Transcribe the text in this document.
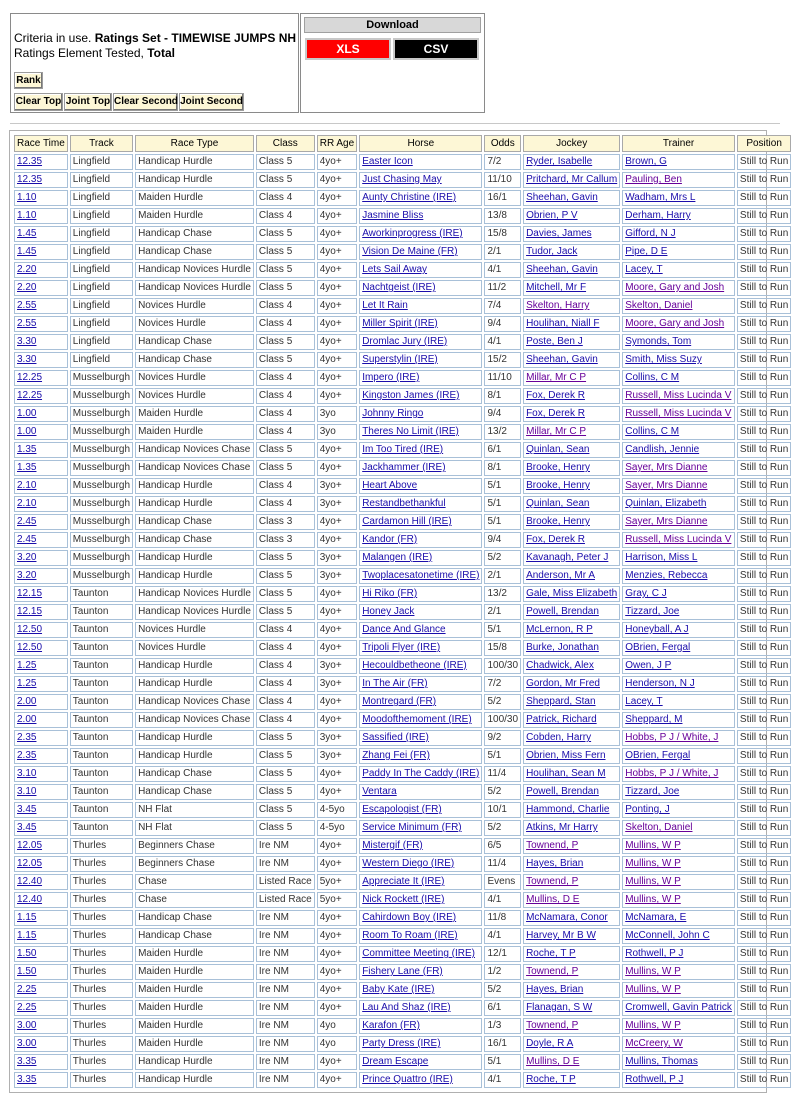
Criteria in use. Ratings Set - TIMEWISE JUMPS NH
Ratings Element Tested, Total
Rank
Clear Top Joint Top Clear Second Joint Second
Download
XLS	CSV
Race Time	Track	Race Type	Class	RR Age	Horse	Odds	Jockey	Trainer	Position
12.35	Lingfield	Handicap Hurdle	Class 5	4yo+	Easter Icon	7/2	Ryder, Isabelle	Brown, G	Still to Run
12.35	Lingfield	Handicap Hurdle	Class 5	4yo+	Just Chasing May	11/10	Pritchard, Mr Callum	Pauling, Ben	Still to Run
1.10	Lingfield	Maiden Hurdle	Class 4	4yo+	Aunty Christine (IRE)	16/1	Sheehan, Gavin	Wadham, Mrs L	Still to Run
1.10	Lingfield	Maiden Hurdle	Class 4	4yo+	Jasmine Bliss	13/8	Obrien, P V	Derham, Harry	Still to Run
1.45	Lingfield	Handicap Chase	Class 5	4yo+	Aworkinprogress (IRE)	15/8	Davies, James	Gifford, N J	Still to Run
1.45	Lingfield	Handicap Chase	Class 5	4yo+	Vision De Maine (FR)	2/1	Tudor, Jack	Pipe, D E	Still to Run
2.20	Lingfield	Handicap Novices Hurdle	Class 5	4yo+	Lets Sail Away	4/1	Sheehan, Gavin	Lacey, T	Still to Run
2.20	Lingfield	Handicap Novices Hurdle	Class 5	4yo+	Nachtgeist (IRE)	11/2	Mitchell, Mr F	Moore, Gary and Josh	Still to Run
2.55	Lingfield	Novices Hurdle	Class 4	4yo+	Let It Rain	7/4	Skelton, Harry	Skelton, Daniel	Still to Run
2.55	Lingfield	Novices Hurdle	Class 4	4yo+	Miller Spirit (IRE)	9/4	Houlihan, Niall F	Moore, Gary and Josh	Still to Run
3.30	Lingfield	Handicap Chase	Class 5	4yo+	Dromlac Jury (IRE)	4/1	Poste, Ben J	Symonds, Tom	Still to Run
3.30	Lingfield	Handicap Chase	Class 5	4yo+	Superstylin (IRE)	15/2	Sheehan, Gavin	Smith, Miss Suzy	Still to Run
12.25	Musselburgh	Novices Hurdle	Class 4	4yo+	Impero (IRE)	11/10	Millar, Mr C P	Collins, C M	Still to Run
12.25	Musselburgh	Novices Hurdle	Class 4	4yo+	Kingston James (IRE)	8/1	Fox, Derek R	Russell, Miss Lucinda V	Still to Run
1.00	Musselburgh	Maiden Hurdle	Class 4	3yo	Johnny Ringo	9/4	Fox, Derek R	Russell, Miss Lucinda V	Still to Run
1.00	Musselburgh	Maiden Hurdle	Class 4	3yo	Theres No Limit (IRE)	13/2	Millar, Mr C P	Collins, C M	Still to Run
1.35	Musselburgh	Handicap Novices Chase	Class 5	4yo+	Im Too Tired (IRE)	6/1	Quinlan, Sean	Candlish, Jennie	Still to Run
1.35	Musselburgh	Handicap Novices Chase	Class 5	4yo+	Jackhammer (IRE)	8/1	Brooke, Henry	Sayer, Mrs Dianne	Still to Run
2.10	Musselburgh	Handicap Hurdle	Class 4	3yo+	Heart Above	5/1	Brooke, Henry	Sayer, Mrs Dianne	Still to Run
2.10	Musselburgh	Handicap Hurdle	Class 4	3yo+	Restandbethankful	5/1	Quinlan, Sean	Quinlan, Elizabeth	Still to Run
2.45	Musselburgh	Handicap Chase	Class 3	4yo+	Cardamon Hill (IRE)	5/1	Brooke, Henry	Sayer, Mrs Dianne	Still to Run
2.45	Musselburgh	Handicap Chase	Class 3	4yo+	Kandor (FR)	9/4	Fox, Derek R	Russell, Miss Lucinda V	Still to Run
3.20	Musselburgh	Handicap Hurdle	Class 5	3yo+	Malangen (IRE)	5/2	Kavanagh, Peter J	Harrison, Miss L	Still to Run
3.20	Musselburgh	Handicap Hurdle	Class 5	3yo+	Twoplacesatonetime (IRE)	2/1	Anderson, Mr A	Menzies, Rebecca	Still to Run
12.15	Taunton	Handicap Novices Hurdle	Class 5	4yo+	Hi Riko (FR)	13/2	Gale, Miss Elizabeth	Gray, C J	Still to Run
12.15	Taunton	Handicap Novices Hurdle	Class 5	4yo+	Honey Jack	2/1	Powell, Brendan	Tizzard, Joe	Still to Run
12.50	Taunton	Novices Hurdle	Class 4	4yo+	Dance And Glance	5/1	McLernon, R P	Honeyball, A J	Still to Run
12.50	Taunton	Novices Hurdle	Class 4	4yo+	Tripoli Flyer (IRE)	15/8	Burke, Jonathan	OBrien, Fergal	Still to Run
1.25	Taunton	Handicap Hurdle	Class 4	3yo+	Hecouldbetheone (IRE)	100/30	Chadwick, Alex	Owen, J P	Still to Run
1.25	Taunton	Handicap Hurdle	Class 4	3yo+	In The Air (FR)	7/2	Gordon, Mr Fred	Henderson, N J	Still to Run
2.00	Taunton	Handicap Novices Chase	Class 4	4yo+	Montregard (FR)	5/2	Sheppard, Stan	Lacey, T	Still to Run
2.00	Taunton	Handicap Novices Chase	Class 4	4yo+	Moodofthemoment (IRE)	100/30	Patrick, Richard	Sheppard, M	Still to Run
2.35	Taunton	Handicap Hurdle	Class 5	3yo+	Sassified (IRE)	9/2	Cobden, Harry	Hobbs, P J / White, J	Still to Run
2.35	Taunton	Handicap Hurdle	Class 5	3yo+	Zhang Fei (FR)	5/1	Obrien, Miss Fern	OBrien, Fergal	Still to Run
3.10	Taunton	Handicap Chase	Class 5	4yo+	Paddy In The Caddy (IRE)	11/4	Houlihan, Sean M	Hobbs, P J / White, J	Still to Run
3.10	Taunton	Handicap Chase	Class 5	4yo+	Ventara	5/2	Powell, Brendan	Tizzard, Joe	Still to Run
3.45	Taunton	NH Flat	Class 5	4-5yo	Escapologist (FR)	10/1	Hammond, Charlie	Ponting, J	Still to Run
3.45	Taunton	NH Flat	Class 5	4-5yo	Service Minimum (FR)	5/2	Atkins, Mr Harry	Skelton, Daniel	Still to Run
12.05	Thurles	Beginners Chase	Ire NM	4yo+	Mistergif (FR)	6/5	Townend, P	Mullins, W P	Still to Run
12.05	Thurles	Beginners Chase	Ire NM	4yo+	Western Diego (IRE)	11/4	Hayes, Brian	Mullins, W P	Still to Run
12.40	Thurles	Chase	Listed Race	5yo+	Appreciate It (IRE)	Evens	Townend, P	Mullins, W P	Still to Run
12.40	Thurles	Chase	Listed Race	5yo+	Nick Rockett (IRE)	4/1	Mullins, D E	Mullins, W P	Still to Run
1.15	Thurles	Handicap Chase	Ire NM	4yo+	Cahirdown Boy (IRE)	11/8	McNamara, Conor	McNamara, E	Still to Run
1.15	Thurles	Handicap Chase	Ire NM	4yo+	Room To Roam (IRE)	4/1	Harvey, Mr B W	McConnell, John C	Still to Run
1.50	Thurles	Maiden Hurdle	Ire NM	4yo+	Committee Meeting (IRE)	12/1	Roche, T P	Rothwell, P J	Still to Run
1.50	Thurles	Maiden Hurdle	Ire NM	4yo+	Fishery Lane (FR)	1/2	Townend, P	Mullins, W P	Still to Run
2.25	Thurles	Maiden Hurdle	Ire NM	4yo+	Baby Kate (IRE)	5/2	Hayes, Brian	Mullins, W P	Still to Run
2.25	Thurles	Maiden Hurdle	Ire NM	4yo+	Lau And Shaz (IRE)	6/1	Flanagan, S W	Cromwell, Gavin Patrick	Still to Run
3.00	Thurles	Maiden Hurdle	Ire NM	4yo	Karafon (FR)	1/3	Townend, P	Mullins, W P	Still to Run
3.00	Thurles	Maiden Hurdle	Ire NM	4yo	Party Dress (IRE)	16/1	Doyle, R A	McCreery, W	Still to Run
3.35	Thurles	Handicap Hurdle	Ire NM	4yo+	Dream Escape	5/1	Mullins, D E	Mullins, Thomas	Still to Run
3.35	Thurles	Handicap Hurdle	Ire NM	4yo+	Prince Quattro (IRE)	4/1	Roche, T P	Rothwell, P J	Still to Run
